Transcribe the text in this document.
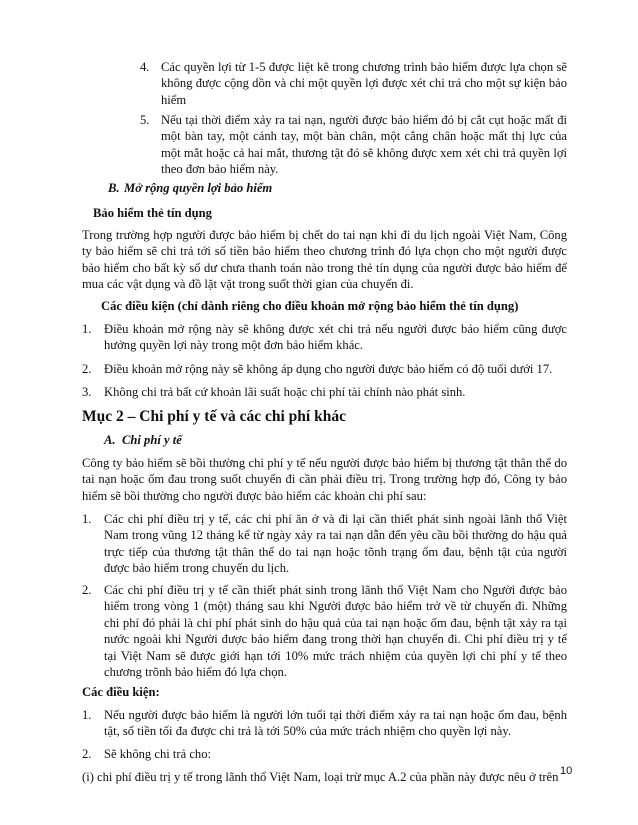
4. Các quyền lợi từ 1-5 được liệt kê trong chương trình bảo hiểm được lựa chọn sẽ không được cộng dồn và chỉ một quyền lợi được xét chi trả cho một sự kiện bảo hiểm
5. Nếu tại thời điểm xảy ra tai nạn, người được bảo hiểm đó bị cắt cụt hoặc mất đi một bàn tay, một cánh tay, một bàn chân, một cẳng chân hoặc mất thị lực của một mắt hoặc cả hai mắt, thương tật đó sẽ không được xem xét chi trả quyền lợi theo đơn bảo hiểm này.
B. Mở rộng quyền lợi bảo hiểm
Bảo hiểm thẻ tín dụng
Trong trường hợp người được bảo hiểm bị chết do tai nạn khi đi du lịch ngoài Việt Nam, Công ty bảo hiểm sẽ chi trả tới số tiền bảo hiểm theo chương trình đó lựa chọn cho một người được bảo hiểm cho bất kỳ số dư chưa thanh toán nào trong thẻ tín dụng của người được bảo hiểm để mua các vật dụng và đồ lặt vặt trong suốt thời gian của chuyến đi.
Các điều kiện (chỉ dành riêng cho điều khoản mở rộng bảo hiểm thẻ tín dụng)
1. Điều khoản mở rộng này sẽ không được xét chi trả nếu người được bảo hiểm cũng được hưởng quyền lợi này trong một đơn bảo hiểm khác.
2. Điều khoản mở rộng này sẽ không áp dụng cho người được bảo hiểm có độ tuổi dưới 17.
3. Không chi trả bất cứ khoản lãi suất hoặc chi phí tài chính nào phát sinh.
Mục 2 – Chi phí y tế và các chi phí khác
A. Chi phí y tế
Công ty bảo hiểm sẽ bồi thường chi phí y tế nếu người được bảo hiểm bị thương tật thân thể do tai nạn hoặc ốm đau trong suốt chuyến đi cần phải điều trị. Trong trường hợp đó, Công ty bảo hiểm sẽ bồi thường cho người được bảo hiểm các khoản chi phí sau:
1. Các chi phí điều trị y tế, các chi phí ăn ở và đi lại cần thiết phát sinh ngoài lãnh thổ Việt Nam trong vũng 12 tháng kể từ ngày xảy ra tai nạn dẫn đến yêu cầu bồi thường do hậu quả trực tiếp của thương tật thân thể do tai nạn hoặc tõnh trạng ốm đau, bệnh tật của người được bảo hiểm trong chuyến du lịch.
2. Các chi phí điều trị y tế cần thiết phát sinh trong lãnh thổ Việt Nam cho Người được bảo hiểm trong vòng 1 (một) tháng sau khi Người được bảo hiểm trở về từ chuyến đi. Những chi phí đó phải là chi phí phát sinh do hậu quả của tai nạn hoặc ốm đau, bệnh tật xảy ra tại nước ngoài khi Người được bảo hiểm đang trong thời hạn chuyến đi. Chi phí điều trị y tế tại Việt Nam sẽ được giới hạn tới 10% mức trách nhiệm của quyền lợi chi phí y tế theo chương trõnh bảo hiểm đó lựa chọn.
Các điều kiện:
1. Nếu người được bảo hiểm là người lớn tuổi tại thời điểm xảy ra tai nạn hoặc ốm đau, bệnh tật, số tiền tối đa được chi trả là tới 50% của mức trách nhiệm cho quyền lợi này.
2. Sẽ không chi trả cho:
(i) chi phí điều trị y tế trong lãnh thổ Việt Nam, loại trừ mục A.2 của phần này được nêu ở trên 10
